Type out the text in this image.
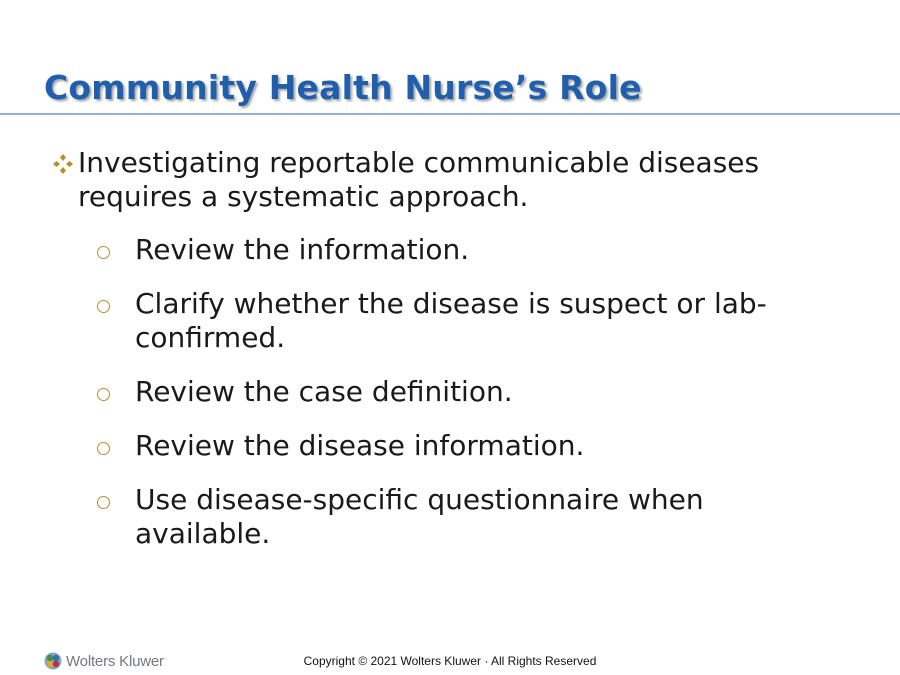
Community Health Nurse’s Role
Investigating reportable communicable diseases requires a systematic approach.
Review the information.
Clarify whether the disease is suspect or lab-confirmed.
Review the case definition.
Review the disease information.
Use disease-specific questionnaire when available.
Wolters Kluwer	Copyright © 2021 Wolters Kluwer · All Rights Reserved
